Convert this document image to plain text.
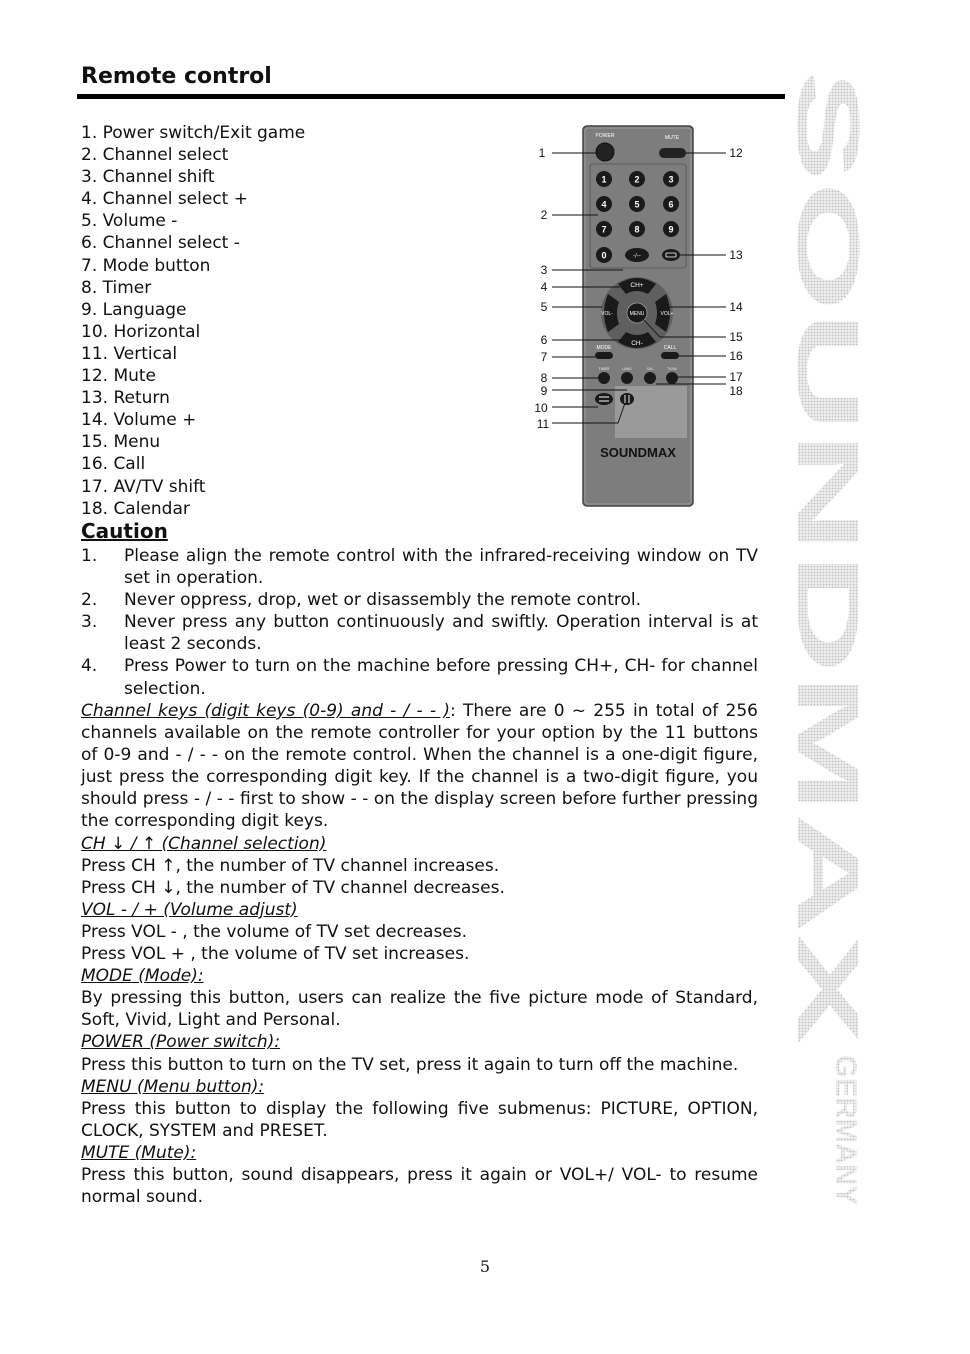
Remote control
1. Power switch/Exit game
2. Channel select
3. Channel shift
4. Channel select +
5. Volume -
6. Channel select -
7. Mode button
8. Timer
9. Language
10. Horizontal
11. Vertical
12. Mute
13. Return
14. Volume +
15. Menu
16. Call
17. AV/TV shift
18. Calendar
POWER	MUTE
1	2	3
4	5	6
7	8	9
0	-/--
CH+
CH-
VOL-	VOL+
MENU
MODE	CALL
TIMER	LANG	CAL	TV/AV
SOUNDMAX
1
2
3
4
5
6
7
8
9
10
11
12
13
14
15
16
17
18 SOUNDMAX
GERMANY
Caution
1. Please align the remote control with the infrared-receiving window on TV set in operation.
2. Never oppress, drop, wet or disassembly the remote control.
3. Never press any button continuously and swiftly. Operation interval is at least 2 seconds.
4. Press Power to turn on the machine before pressing CH+, CH- for channel selection.

Channel keys (digit keys (0-9) and - / - - ): There are 0 ~ 255 in total of 256 channels available on the remote controller for your option by the 11 buttons of 0-9 and - / - - on the remote control. When the channel is a one-digit figure, just press the corresponding digit key. If the channel is a two-digit figure, you should press - / - - first to show - - on the display screen before further pressing the corresponding digit keys.

CH ↓ / ↑ (Channel selection)

Press CH ↑, the number of TV channel increases.

Press CH ↓, the number of TV channel decreases.

VOL - / + (Volume adjust)

Press VOL - , the volume of TV set decreases.

Press VOL + , the volume of TV set increases.

MODE (Mode):

By pressing this button, users can realize the five picture mode of Standard, Soft, Vivid, Light and Personal.

POWER (Power switch):

Press this button to turn on the TV set, press it again to turn off the machine.

MENU (Menu button):

Press this button to display the following five submenus: PICTURE, OPTION, CLOCK, SYSTEM and PRESET.

MUTE (Mute):

Press this button, sound disappears, press it again or VOL+/ VOL- to resume normal sound.

5
